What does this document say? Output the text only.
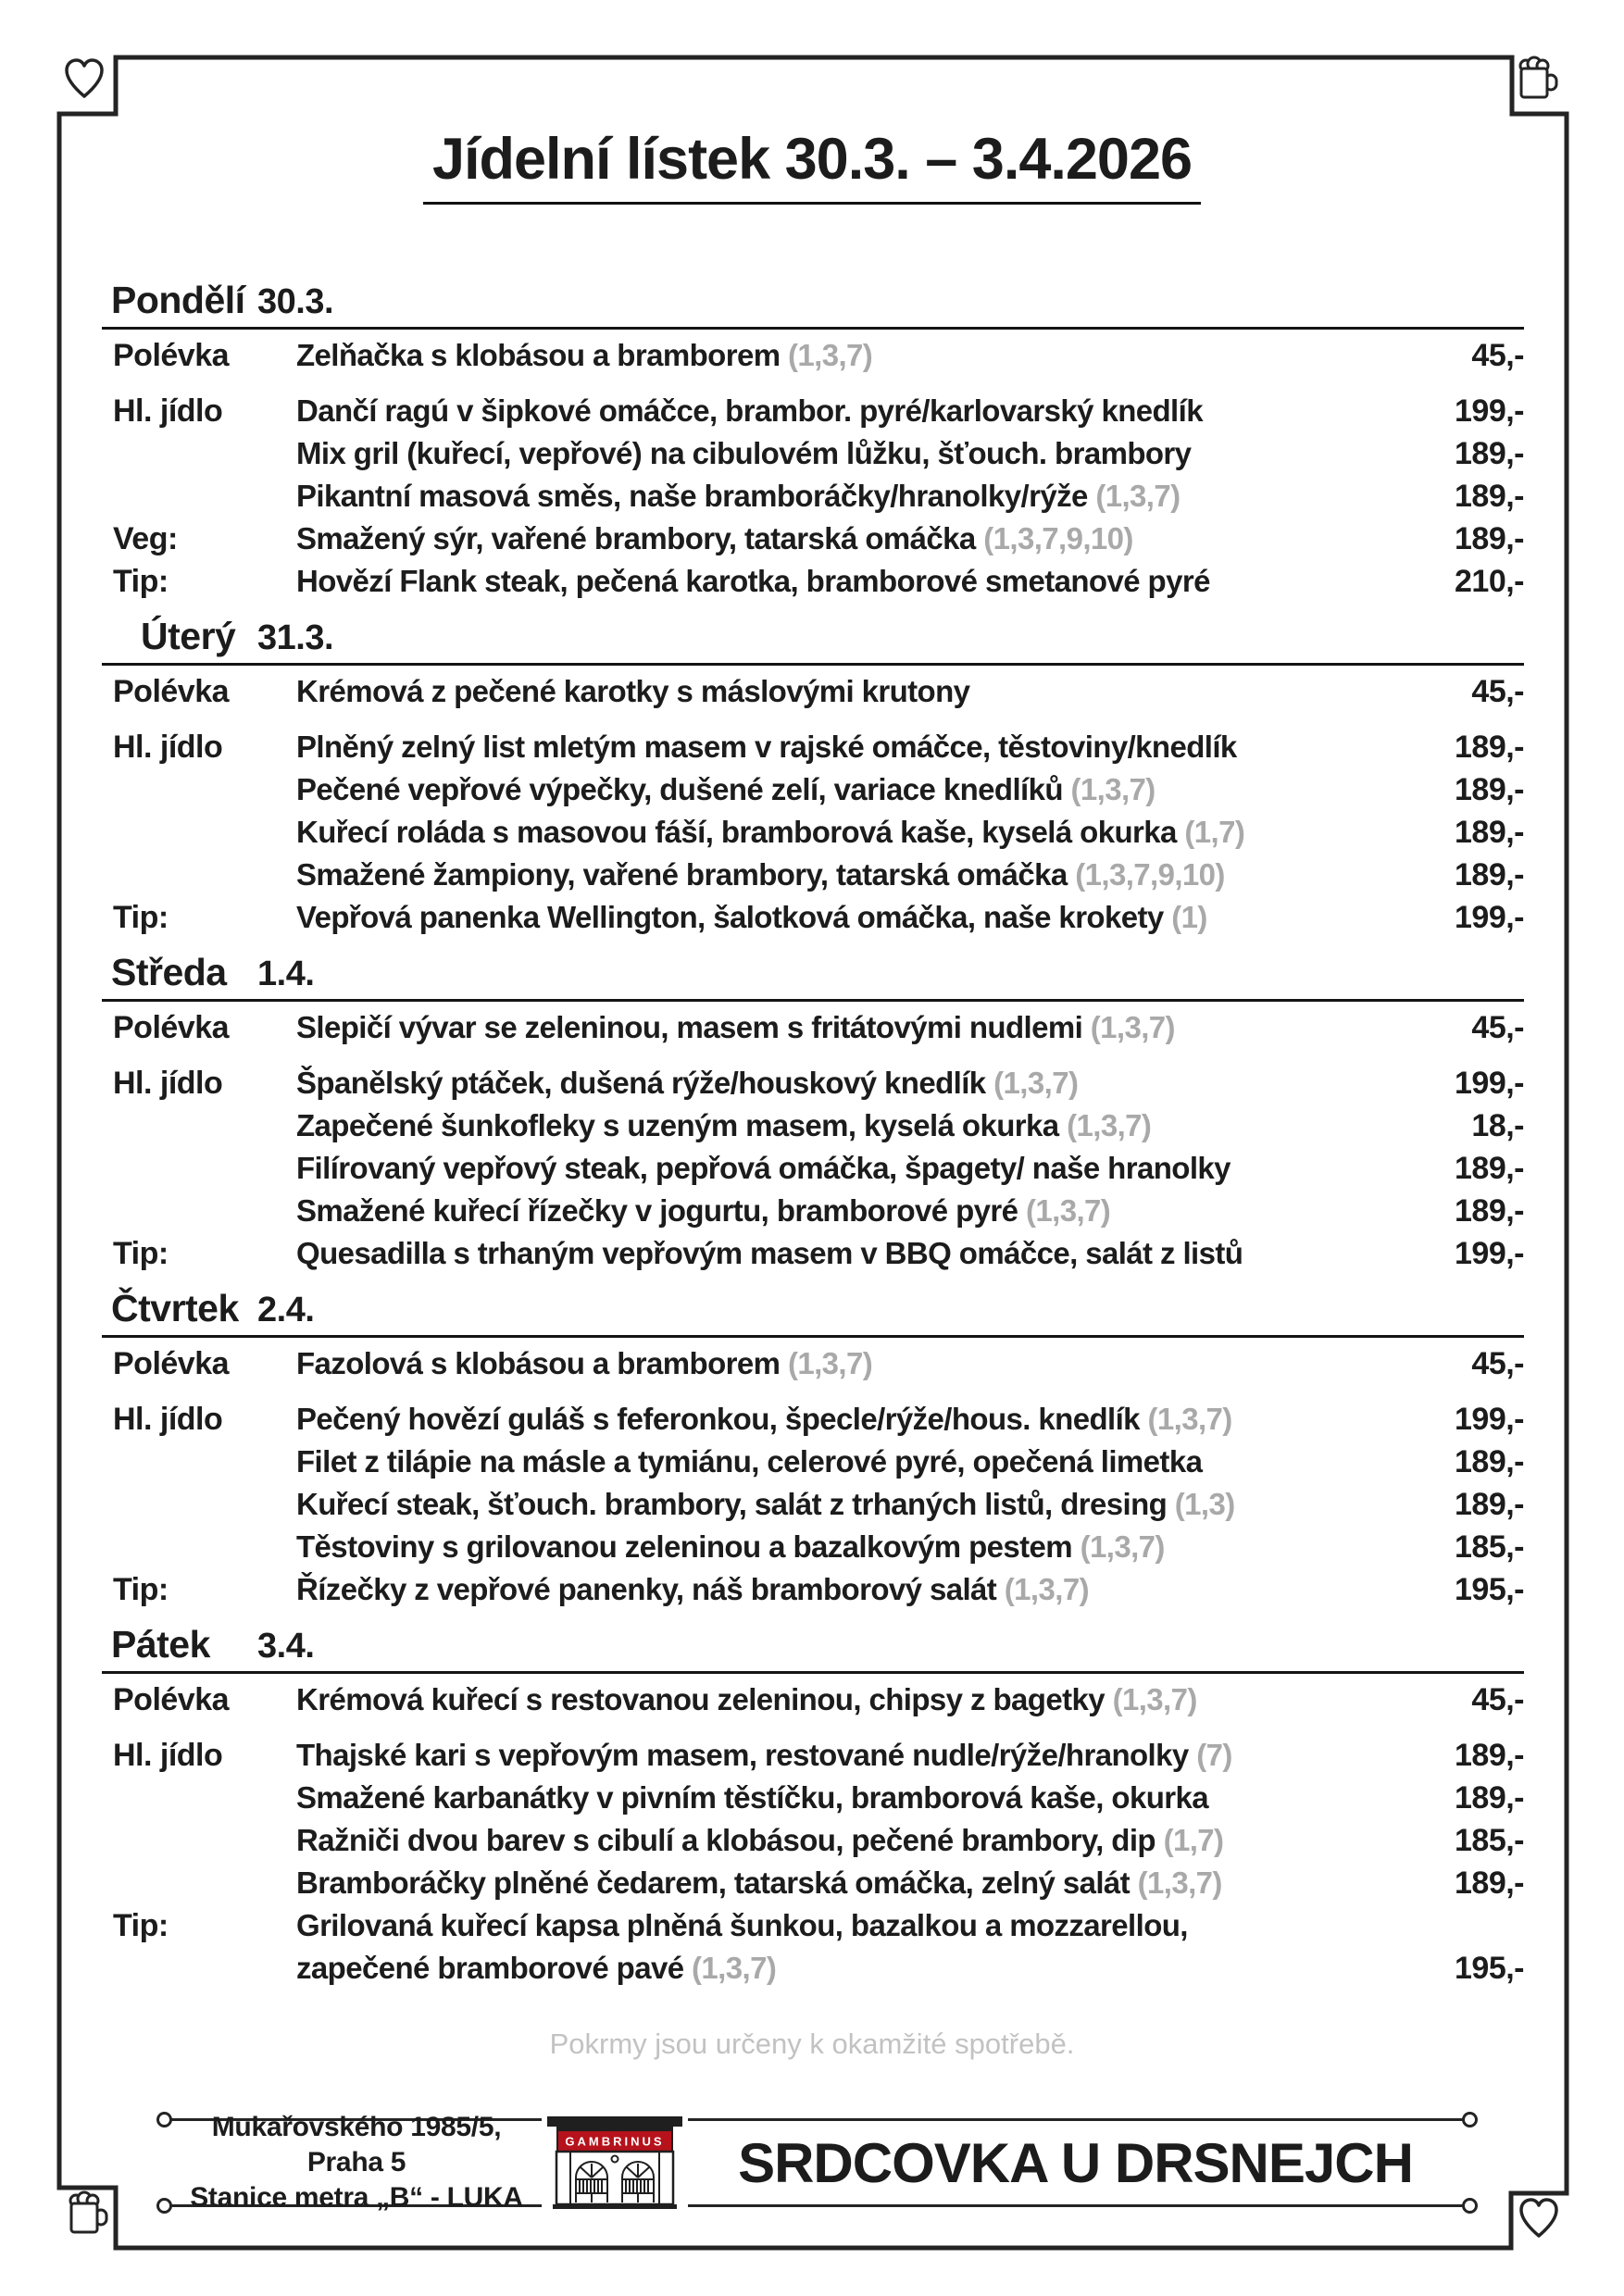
Jídelní lístek 30.3. – 3.4.2026
Pondělí 30.3.
Polévka	Zelňačka s klobásou a bramborem (1,3,7)	45,-
Hl. jídlo	Dančí ragú v šipkové omáčce, brambor. pyré/karlovarský knedlík	199,-
Mix gril (kuřecí, vepřové) na cibulovém lůžku, šťouch. brambory	189,-
Pikantní masová směs, naše bramboráčky/hranolky/rýže (1,3,7)	189,-
Veg:	Smažený sýr, vařené brambory, tatarská omáčka (1,3,7,9,10)	189,-
Tip:	Hovězí Flank steak, pečená karotka, bramborové smetanové pyré	210,-
Úterý 31.3.
Polévka	Krémová z pečené karotky s máslovými krutony	45,-
Hl. jídlo	Plněný zelný list mletým masem v rajské omáčce, těstoviny/knedlík	189,-
Pečené vepřové výpečky, dušené zelí, variace knedlíků (1,3,7)	189,-
Kuřecí roláda s masovou fáší, bramborová kaše, kyselá okurka (1,7)	189,-
Smažené žampiony, vařené brambory, tatarská omáčka (1,3,7,9,10)	189,-
Tip:	Vepřová panenka Wellington, šalotková omáčka, naše krokety (1)	199,-
Středa 1.4.
Polévka	Slepičí vývar se zeleninou, masem s fritátovými nudlemi (1,3,7)	45,-
Hl. jídlo	Španělský ptáček, dušená rýže/houskový knedlík (1,3,7)	199,-
Zapečené šunkofleky s uzeným masem, kyselá okurka (1,3,7)	18,-
Filírovaný vepřový steak, pepřová omáčka, špagety/ naše hranolky	189,-
Smažené kuřecí řízečky v jogurtu, bramborové pyré (1,3,7)	189,-
Tip:	Quesadilla s trhaným vepřovým masem v BBQ omáčce, salát z listů	199,-
Čtvrtek 2.4.
Polévka	Fazolová s klobásou a bramborem (1,3,7)	45,-
Hl. jídlo	Pečený hovězí guláš s feferonkou, špecle/rýže/hous. knedlík (1,3,7)	199,-
Filet z tilápie na másle a tymiánu, celerové pyré, opečená limetka	189,-
Kuřecí steak, šťouch. brambory, salát z trhaných listů, dresing (1,3)	189,-
Těstoviny s grilovanou zeleninou a bazalkovým pestem (1,3,7)	185,-
Tip:	Řízečky z vepřové panenky, náš bramborový salát (1,3,7)	195,-
Pátek	3.4.
Polévka	Krémová kuřecí s restovanou zeleninou, chipsy z bagetky (1,3,7)	45,-
Hl. jídlo	Thajské kari s vepřovým masem, restované nudle/rýže/hranolky (7)	189,-
Smažené karbanátky v pivním těstíčku, bramborová kaše, okurka	189,-
Ražniči dvou barev s cibulí a klobásou, pečené brambory, dip (1,7)	185,-
Bramboráčky plněné čedarem, tatarská omáčka, zelný salát (1,3,7)	189,-
Tip:	Grilovaná kuřecí kapsa plněná šunkou, bazalkou a mozzarellou,
zapečené bramborové pavé (1,3,7)	195,-

Pokrmy jsou určeny k okamžité spotřebě.

Mukařovského 1985/5, Praha 5
Stanice metra „B“ - LUKA
GAMBRINUS	SRDCOVKA U DRSNEJCH
